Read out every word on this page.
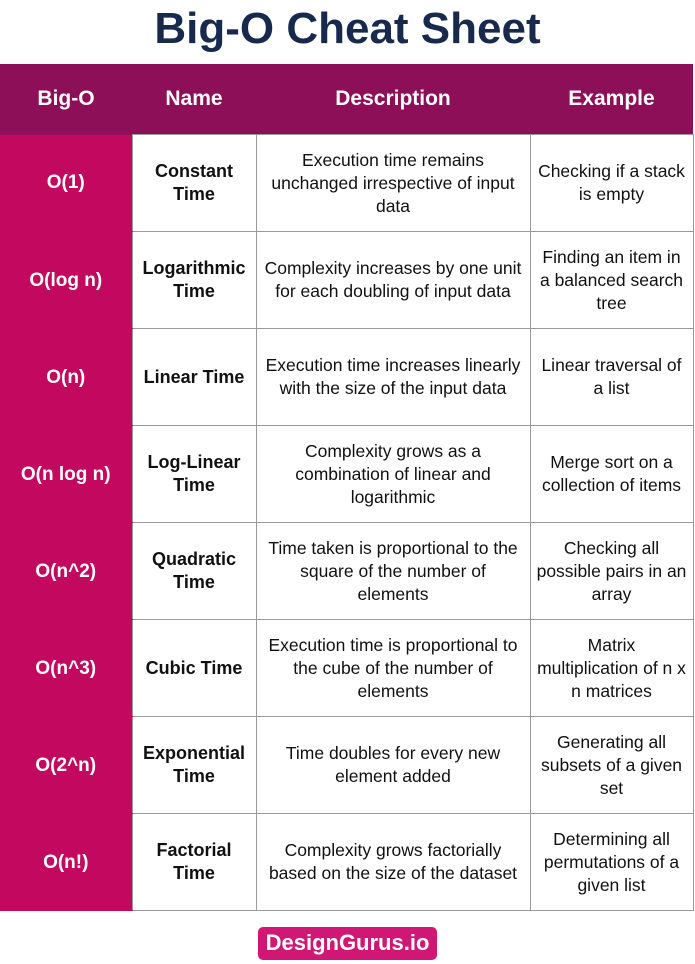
Big-O Cheat Sheet
Big-O	Name	Description	Example
O(1)	Constant Time	Execution time remains unchanged irrespective of input data	Checking if a stack is empty
O(log n)	Logarithmic Time	Complexity increases by one unit for each doubling of input data	Finding an item in a balanced search tree
O(n)	Linear Time	Execution time increases linearly with the size of the input data	Linear traversal of a list
O(n log n)	Log-Linear Time	Complexity grows as a combination of linear and logarithmic	Merge sort on a collection of items
O(n^2)	Quadratic Time	Time taken is proportional to the square of the number of elements	Checking all possible pairs in an array
O(n^3)	Cubic Time	Execution time is proportional to the cube of the number of elements	Matrix multiplication of n x n matrices
O(2^n)	Exponential Time	Time doubles for every new element added	Generating all subsets of a given set
O(n!)	Factorial Time	Complexity grows factorially based on the size of the dataset	Determining all permutations of a given list
DesignGurus.io
